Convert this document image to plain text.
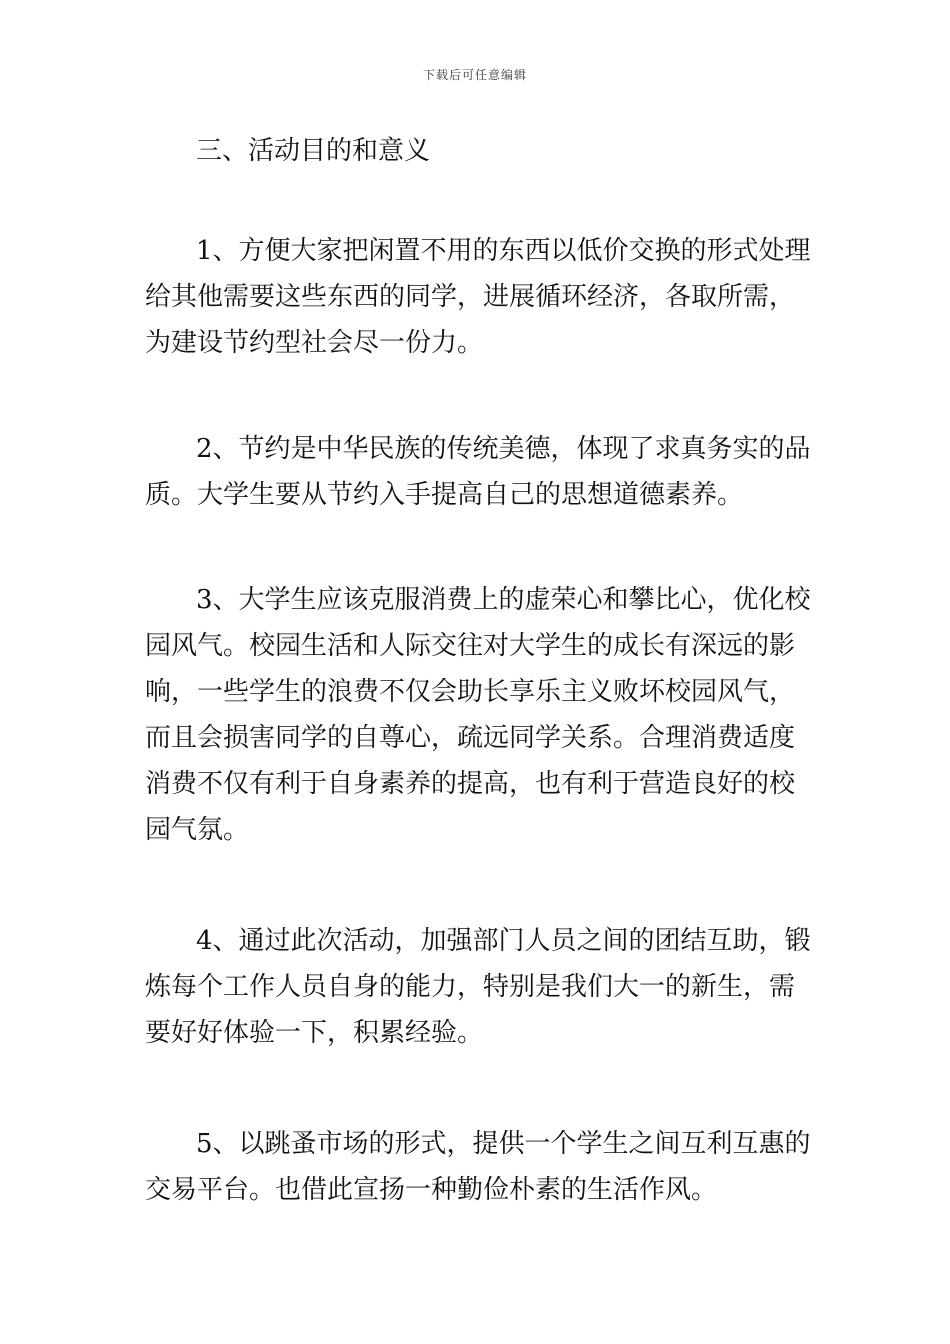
下载后可任意编辑
三、活动目的和意义
1、方便大家把闲置不用的东西以低价交换的形式处理
给其他需要这些东西的同学，进展循环经济，各取所需，
为建设节约型社会尽一份力。
2、节约是中华民族的传统美德，体现了求真务实的品
质。大学生要从节约入手提高自己的思想道德素养。
3、大学生应该克服消费上的虚荣心和攀比心，优化校
园风气。校园生活和人际交往对大学生的成长有深远的影
响，一些学生的浪费不仅会助长享乐主义败坏校园风气，
而且会损害同学的自尊心，疏远同学关系。合理消费适度
消费不仅有利于自身素养的提高，也有利于营造良好的校
园气氛。
4、通过此次活动，加强部门人员之间的团结互助，锻
炼每个工作人员自身的能力，特别是我们大一的新生，需
要好好体验一下，积累经验。
5、以跳蚤市场的形式，提供一个学生之间互利互惠的
交易平台。也借此宣扬一种勤俭朴素的生活作风。
